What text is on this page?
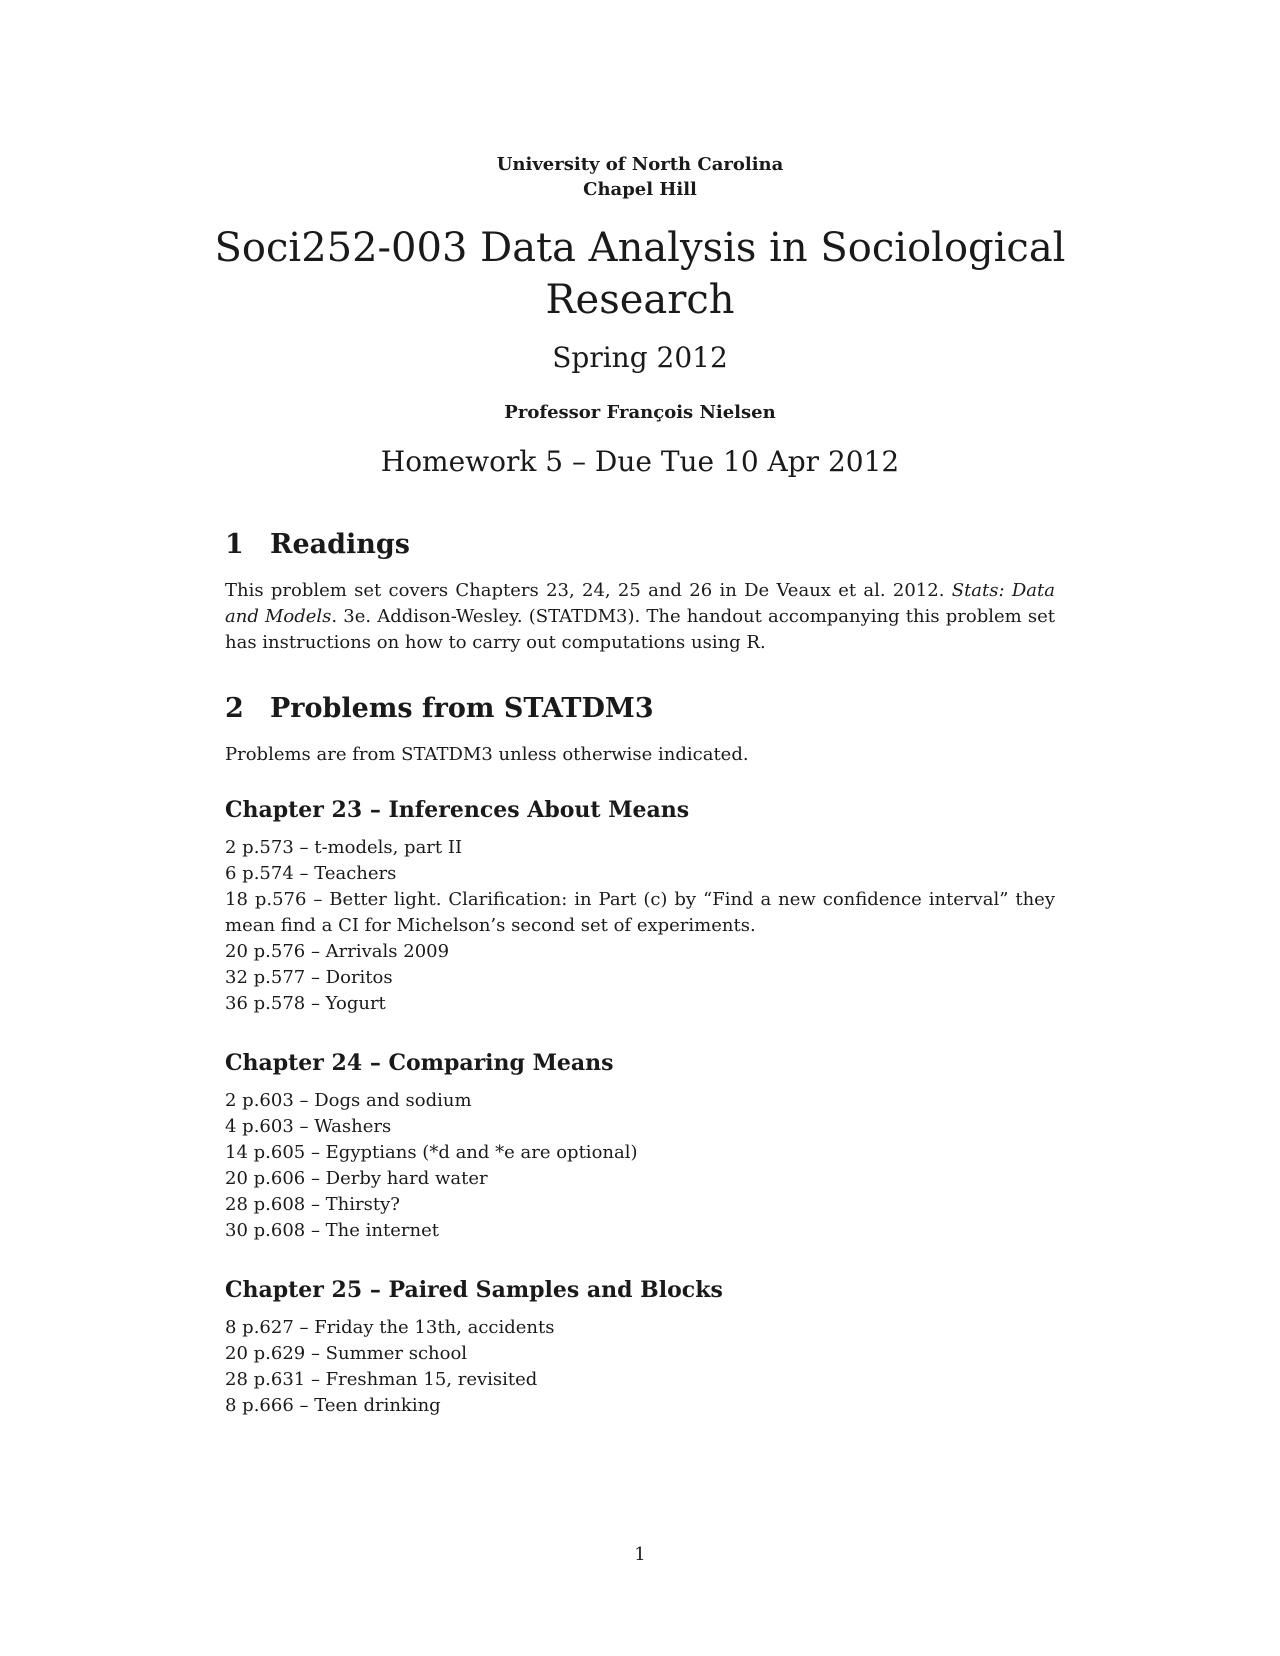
University of North Carolina
Chapel Hill
Soci252-003 Data Analysis in Sociological Research
Spring 2012
Professor François Nielsen
Homework 5 – Due Tue 10 Apr 2012
1 Readings

This problem set covers Chapters 23, 24, 25 and 26 in De Veaux et al. 2012. Stats: Data and Models. 3e. Addison-Wesley. (STATDM3). The handout accompanying this problem set has instructions on how to carry out computations using R.

2 Problems from STATDM3

Problems are from STATDM3 unless otherwise indicated.

Chapter 23 – Inferences About Means
2 p.573 – t-models, part II
6 p.574 – Teachers
18 p.576 – Better light. Clarification: in Part (c) by “Find a new confidence interval” they mean find a CI for Michelson’s second set of experiments.
20 p.576 – Arrivals 2009
32 p.577 – Doritos
36 p.578 – Yogurt
Chapter 24 – Comparing Means
2 p.603 – Dogs and sodium
4 p.603 – Washers
14 p.605 – Egyptians (*d and *e are optional)
20 p.606 – Derby hard water
28 p.608 – Thirsty?
30 p.608 – The internet
Chapter 25 – Paired Samples and Blocks
8 p.627 – Friday the 13th, accidents
20 p.629 – Summer school
28 p.631 – Freshman 15, revisited
8 p.666 – Teen drinking
1
